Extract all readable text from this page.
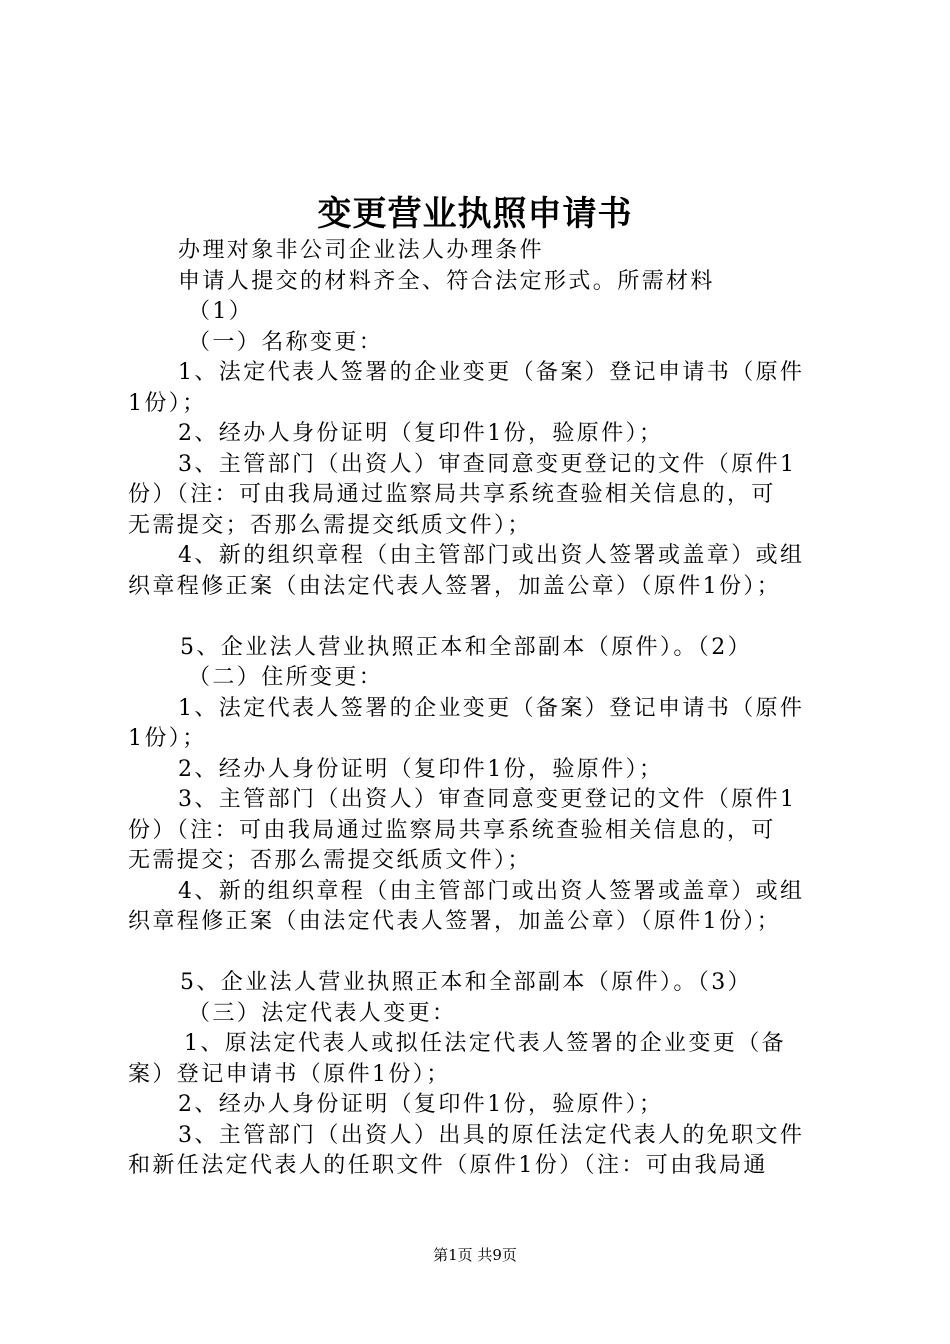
变更营业执照申请书
办理对象非公司企业法人办理条件
申请人提交的材料齐全、符合法定形式。所需材料
（1）
（一）名称变更：
1、法定代表人签署的企业变更（备案）登记申请书（原件
1份）；
2、经办人身份证明（复印件1份，验原件）；
3、主管部门（出资人）审查同意变更登记的文件（原件1
份）（注：可由我局通过监察局共享系统查验相关信息的，可
无需提交；否那么需提交纸质文件）；
4、新的组织章程（由主管部门或出资人签署或盖章）或组
织章程修正案（由法定代表人签署，加盖公章）（原件1份）；
5、企业法人营业执照正本和全部副本（原件）。（2）
（二）住所变更：
1、法定代表人签署的企业变更（备案）登记申请书（原件
1份）；
2、经办人身份证明（复印件1份，验原件）；
3、主管部门（出资人）审查同意变更登记的文件（原件1
份）（注：可由我局通过监察局共享系统查验相关信息的，可
无需提交；否那么需提交纸质文件）；
4、新的组织章程（由主管部门或出资人签署或盖章）或组
织章程修正案（由法定代表人签署，加盖公章）（原件1份）；
5、企业法人营业执照正本和全部副本（原件）。（3）
（三）法定代表人变更：
1、原法定代表人或拟任法定代表人签署的企业变更（备
案）登记申请书（原件1份）；
2、经办人身份证明（复印件1份，验原件）；
3、主管部门（出资人）出具的原任法定代表人的免职文件
和新任法定代表人的任职文件（原件1份）（注：可由我局通
第1页 共9页
